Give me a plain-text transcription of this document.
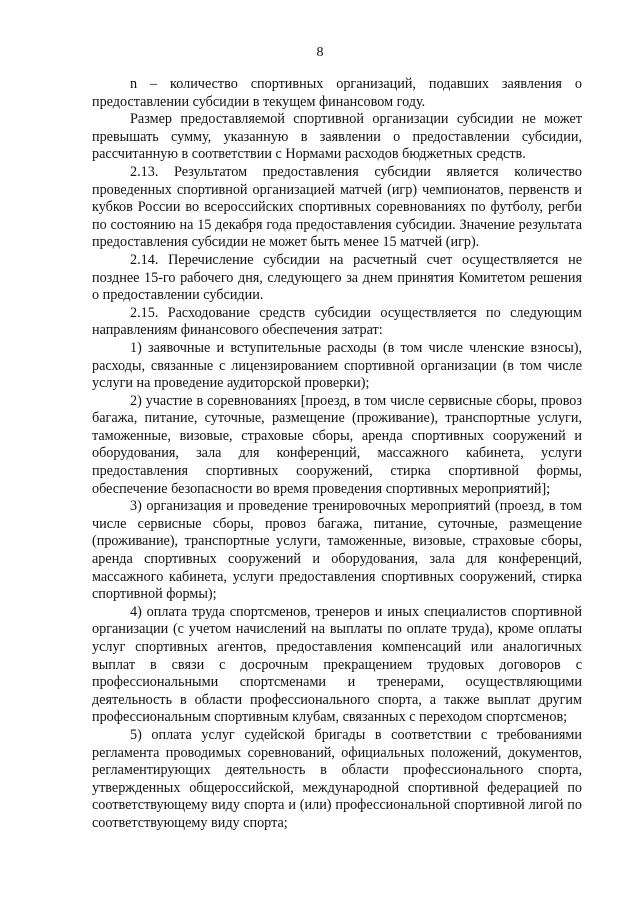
8

n – количество спортивных организаций, подавших заявления о предоставлении субсидии в текущем финансовом году.

Размер предоставляемой спортивной организации субсидии не может превышать сумму, указанную в заявлении о предоставлении субсидии, рассчитанную в соответствии с Нормами расходов бюджетных средств.

2.13. Результатом предоставления субсидии является количество проведенных спортивной организацией матчей (игр) чемпионатов, первенств и кубков России во всероссийских спортивных соревнованиях по футболу, регби по состоянию на 15 декабря года предоставления субсидии. Значение результата предоставления субсидии не может быть менее 15 матчей (игр).

2.14. Перечисление субсидии на расчетный счет осуществляется не позднее 15-го рабочего дня, следующего за днем принятия Комитетом решения о предоставлении субсидии.

2.15. Расходование средств субсидии осуществляется по следующим направлениям финансового обеспечения затрат:

1) заявочные и вступительные расходы (в том числе членские взносы), расходы, связанные с лицензированием спортивной организации (в том числе услуги на проведение аудиторской проверки);

2) участие в соревнованиях [проезд, в том числе сервисные сборы, провоз багажа, питание, суточные, размещение (проживание), транспортные услуги, таможенные, визовые, страховые сборы, аренда спортивных сооружений и оборудования, зала для конференций, массажного кабинета, услуги предоставления спортивных сооружений, стирка спортивной формы, обеспечение безопасности во время проведения спортивных мероприятий];

3) организация и проведение тренировочных мероприятий (проезд, в том числе сервисные сборы, провоз багажа, питание, суточные, размещение (проживание), транспортные услуги, таможенные, визовые, страховые сборы, аренда спортивных сооружений и оборудования, зала для конференций, массажного кабинета, услуги предоставления спортивных сооружений, стирка спортивной формы);

4) оплата труда спортсменов, тренеров и иных специалистов спортивной организации (с учетом начислений на выплаты по оплате труда), кроме оплаты услуг спортивных агентов, предоставления компенсаций или аналогичных выплат в связи с досрочным прекращением трудовых договоров с профессиональными спортсменами и тренерами, осуществляющими деятельность в области профессионального спорта, а также выплат другим профессиональным спортивным клубам, связанных с переходом спортсменов;

5) оплата услуг судейской бригады в соответствии с требованиями регламента проводимых соревнований, официальных положений, документов, регламентирующих деятельность в области профессионального спорта, утвержденных общероссийской, международной спортивной федерацией по соответствующему виду спорта и (или) профессиональной спортивной лигой по соответствующему виду спорта;
